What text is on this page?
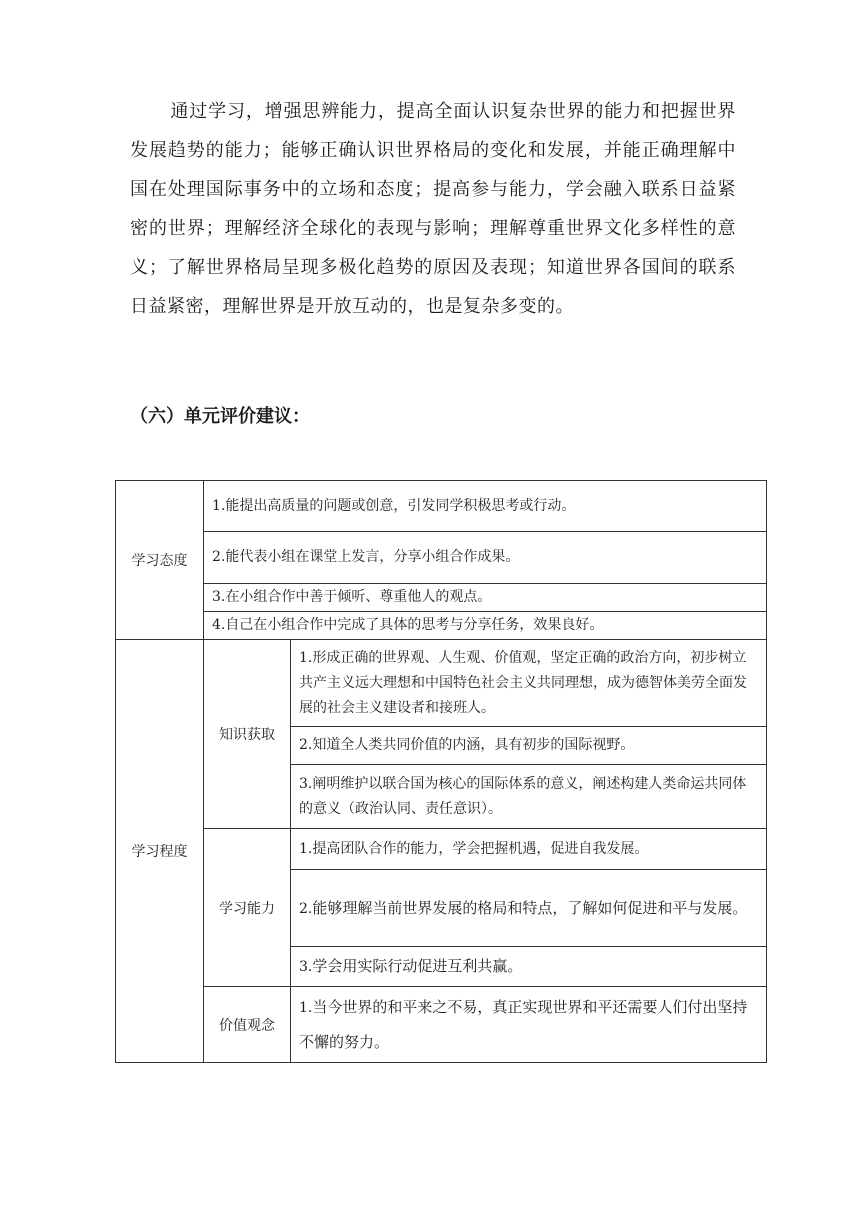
通过学习，增强思辨能力，提高全面认识复杂世界的能力和把握世界发展趋势的能力；能够正确认识世界格局的变化和发展，并能正确理解中国在处理国际事务中的立场和态度；提高参与能力，学会融入联系日益紧密的世界；理解经济全球化的表现与影响；理解尊重世界文化多样性的意义；了解世界格局呈现多极化趋势的原因及表现；知道世界各国间的联系日益紧密，理解世界是开放互动的，也是复杂多变的。

（六）单元评价建议：

学习态度	1.能提出高质量的问题或创意，引发同学积极思考或行动。	
	2.能代表小组在课堂上发言，分享小组合作成果。	
	3.在小组合作中善于倾听、尊重他人的观点。	
	4.自己在小组合作中完成了具体的思考与分享任务，效果良好。	
学习程度	知识获取	1.形成正确的世界观、人生观、价值观，坚定正确的政治方向，初步树立共产主义远大理想和中国特色社会主义共同理想，成为德智体美劳全面发展的社会主义建设者和接班人。
		2.知道全人类共同价值的内涵，具有初步的国际视野。
		3.阐明维护以联合国为核心的国际体系的意义，阐述构建人类命运共同体的意义（政治认同、责任意识）。
	学习能力	1.提高团队合作的能力，学会把握机遇，促进自我发展。
		2.能够理解当前世界发展的格局和特点，了解如何促进和平与发展。
		3.学会用实际行动促进互利共赢。
	价值观念	1.当今世界的和平来之不易，真正实现世界和平还需要人们付出坚持不懈的努力。
